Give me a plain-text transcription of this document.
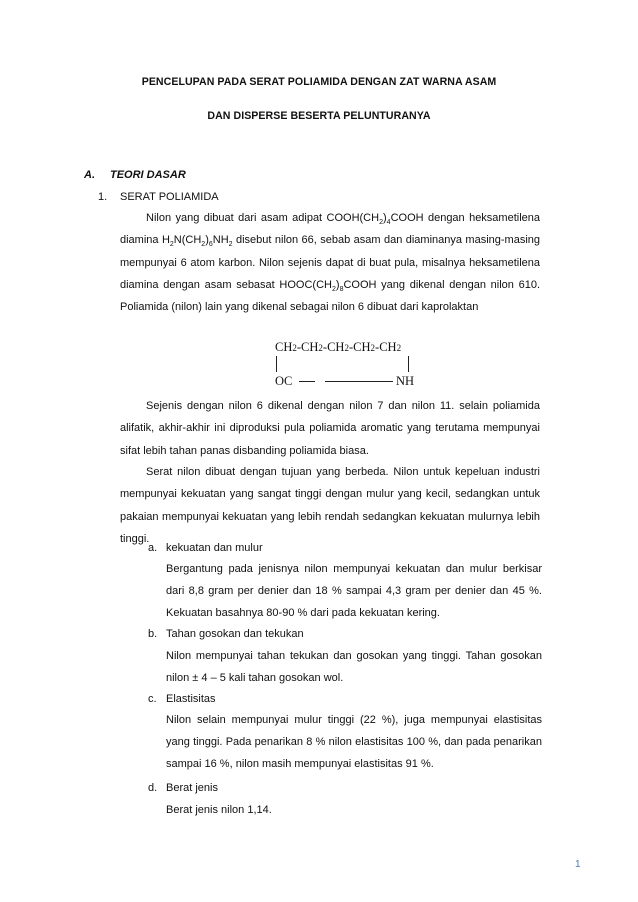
PENCELUPAN PADA SERAT POLIAMIDA DENGAN ZAT WARNA ASAM
DAN DISPERSE BESERTA PELUNTURANYA
A. TEORI DASAR
1. SERAT POLIAMIDA
Nilon yang dibuat dari asam adipat $COOH(CH_2)_4COOH$ dengan heksametilena diamina $H_2N(CH_2)_6NH_2$ disebut nilon 66, sebab asam dan diaminanya masing-masing mempunyai 6 atom karbon. Nilon sejenis dapat di buat pula, misalnya heksametilena diamina dengan asam sebasat $HOOC(CH_2)_8COOH$ yang dikenal dengan nilon 610. Poliamida (nilon) lain yang dikenal sebagai nilon 6 dibuat dari kaprolaktan
CH2-CH2-CH2-CH2-CH2
OC	NH
Sejenis dengan nilon 6 dikenal dengan nilon 7 dan nilon 11. selain poliamida alifatik, akhir-akhir ini diproduksi pula poliamida aromatic yang terutama mempunyai sifat lebih tahan panas disbanding poliamida biasa.
Serat nilon dibuat dengan tujuan yang berbeda. Nilon untuk kepeluan industri mempunyai kekuatan yang sangat tinggi dengan mulur yang kecil, sedangkan untuk pakaian mempunyai kekuatan yang lebih rendah sedangkan kekuatan mulurnya lebih tinggi.
a. kekuatan dan mulur
Bergantung pada jenisnya nilon mempunyai kekuatan dan mulur berkisar dari 8,8 gram per denier dan 18 % sampai 4,3 gram per denier dan 45 %. Kekuatan basahnya 80-90 % dari pada kekuatan kering.
b. Tahan gosokan dan tekukan
Nilon mempunyai tahan tekukan dan gosokan yang tinggi. Tahan gosokan nilon ± 4 – 5 kali tahan gosokan wol.
c. Elastisitas
Nilon selain mempunyai mulur tinggi (22 %), juga mempunyai elastisitas yang tinggi. Pada penarikan 8 % nilon elastisitas 100 %, dan pada penarikan sampai 16 %, nilon masih mempunyai elastisitas 91 %.
d. Berat jenis
Berat jenis nilon 1,14.
1
